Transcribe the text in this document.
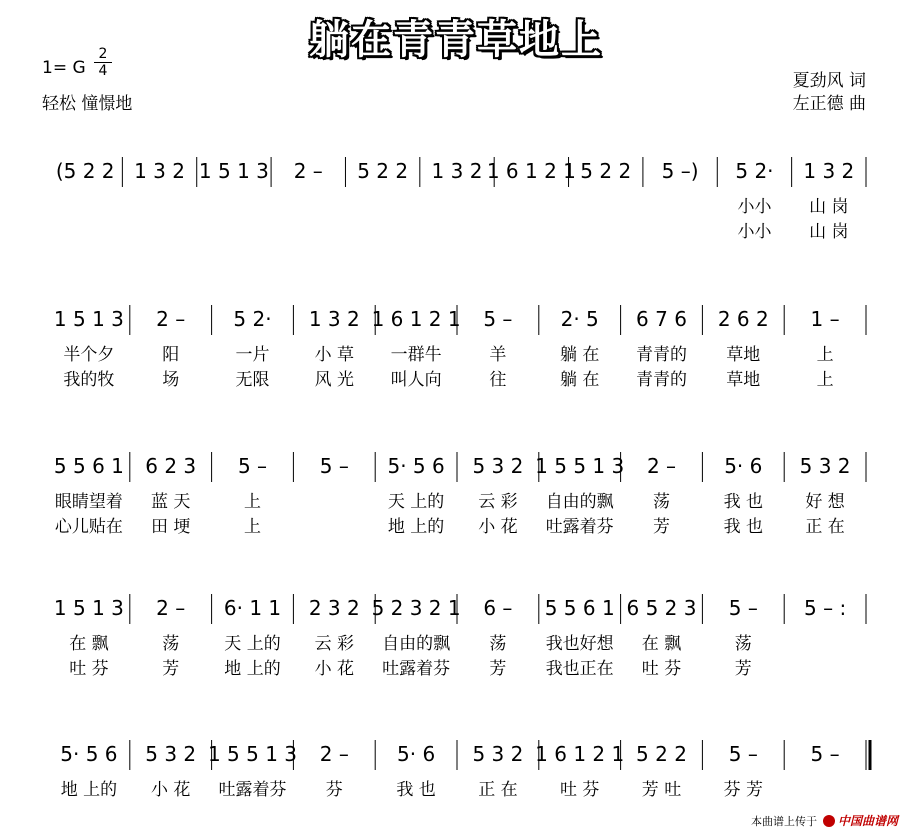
躺在青青草地上
1= G
2
4
轻松 憧憬地
夏劲风 词
左正德 曲
(5 2 2 1 3 2 1 5 1 3 2 – 5 2 2 1 3 2 1 6 1 2 1 5 2 2 5 –) 5 2·
小小
小小
1 3 2
山 岗
山 岗
1 5 1 3
半个夕
我的牧
2 –
阳
场
5 2·
一片
无限
1 3 2
小 草
风 光
1 6 1 2 1
一群牛
叫人向
5 –
羊
往
2· 5
躺 在
躺 在
6 7 6
青青的
青青的
2 6 2
草地
草地
1 –
上
上
5 5 6 1
眼睛望着
心儿贴在
6 2 3
蓝 天
田 埂
5 –
上
上
5 – 5· 5 6
天 上的
地 上的
5 3 2
云 彩
小 花
1 5 5 1 3
自由的飘
吐露着芬
2 –
荡
芳
5· 6
我 也
我 也
5 3 2
好 想
正 在
1 5 1 3
在 飘
吐 芬
2 –
荡
芳
6· 1 1
天 上的
地 上的
2 3 2
云 彩
小 花
5 2 3 2 1
自由的飘
吐露着芬
6 –
荡
芳
5 5 6 1
我也好想
我也正在
6 5 2 3
在 飘
吐 芬
5 –
荡
芳
5 – :
5· 5 6
地 上的
5 3 2
小 花
1 5 5 1 3
吐露着芬
2 –
芬
5· 6
我 也
5 3 2
正 在
1 6 1 2 1
吐 芬
5 2 2
芳 吐
5 –
芬 芳
5 –
本曲谱上传于 中国曲谱网
